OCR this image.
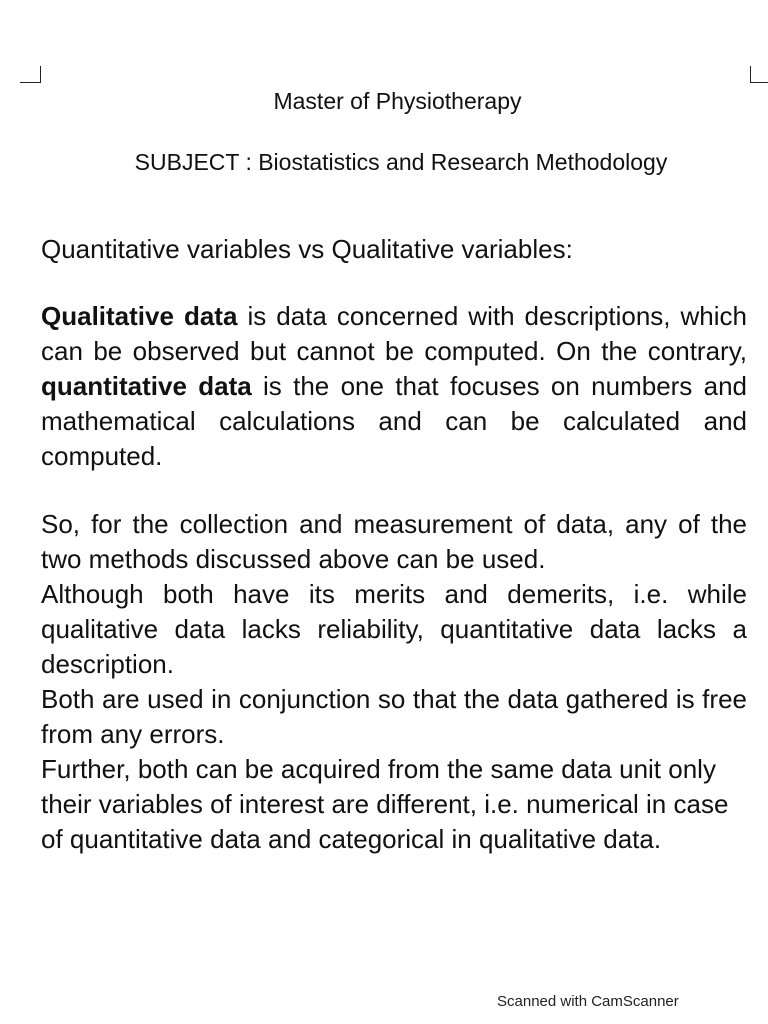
Master of Physiotherapy
SUBJECT : Biostatistics and Research Methodology
Quantitative variables vs Qualitative variables:

Qualitative data is data concerned with descriptions, which can be observed but cannot be computed. On the contrary, quantitative data is the one that focuses on numbers and mathematical calculations and can be calculated and computed.

So, for the collection and measurement of data, any of the two methods discussed above can be used.

Although both have its merits and demerits, i.e. while qualitative data lacks reliability, quantitative data lacks a description.

Both are used in conjunction so that the data gathered is free from any errors.

Further, both can be acquired from the same data unit only their variables of interest are different, i.e. numerical in case of quantitative data and categorical in qualitative data.

Scanned with CamScanner
